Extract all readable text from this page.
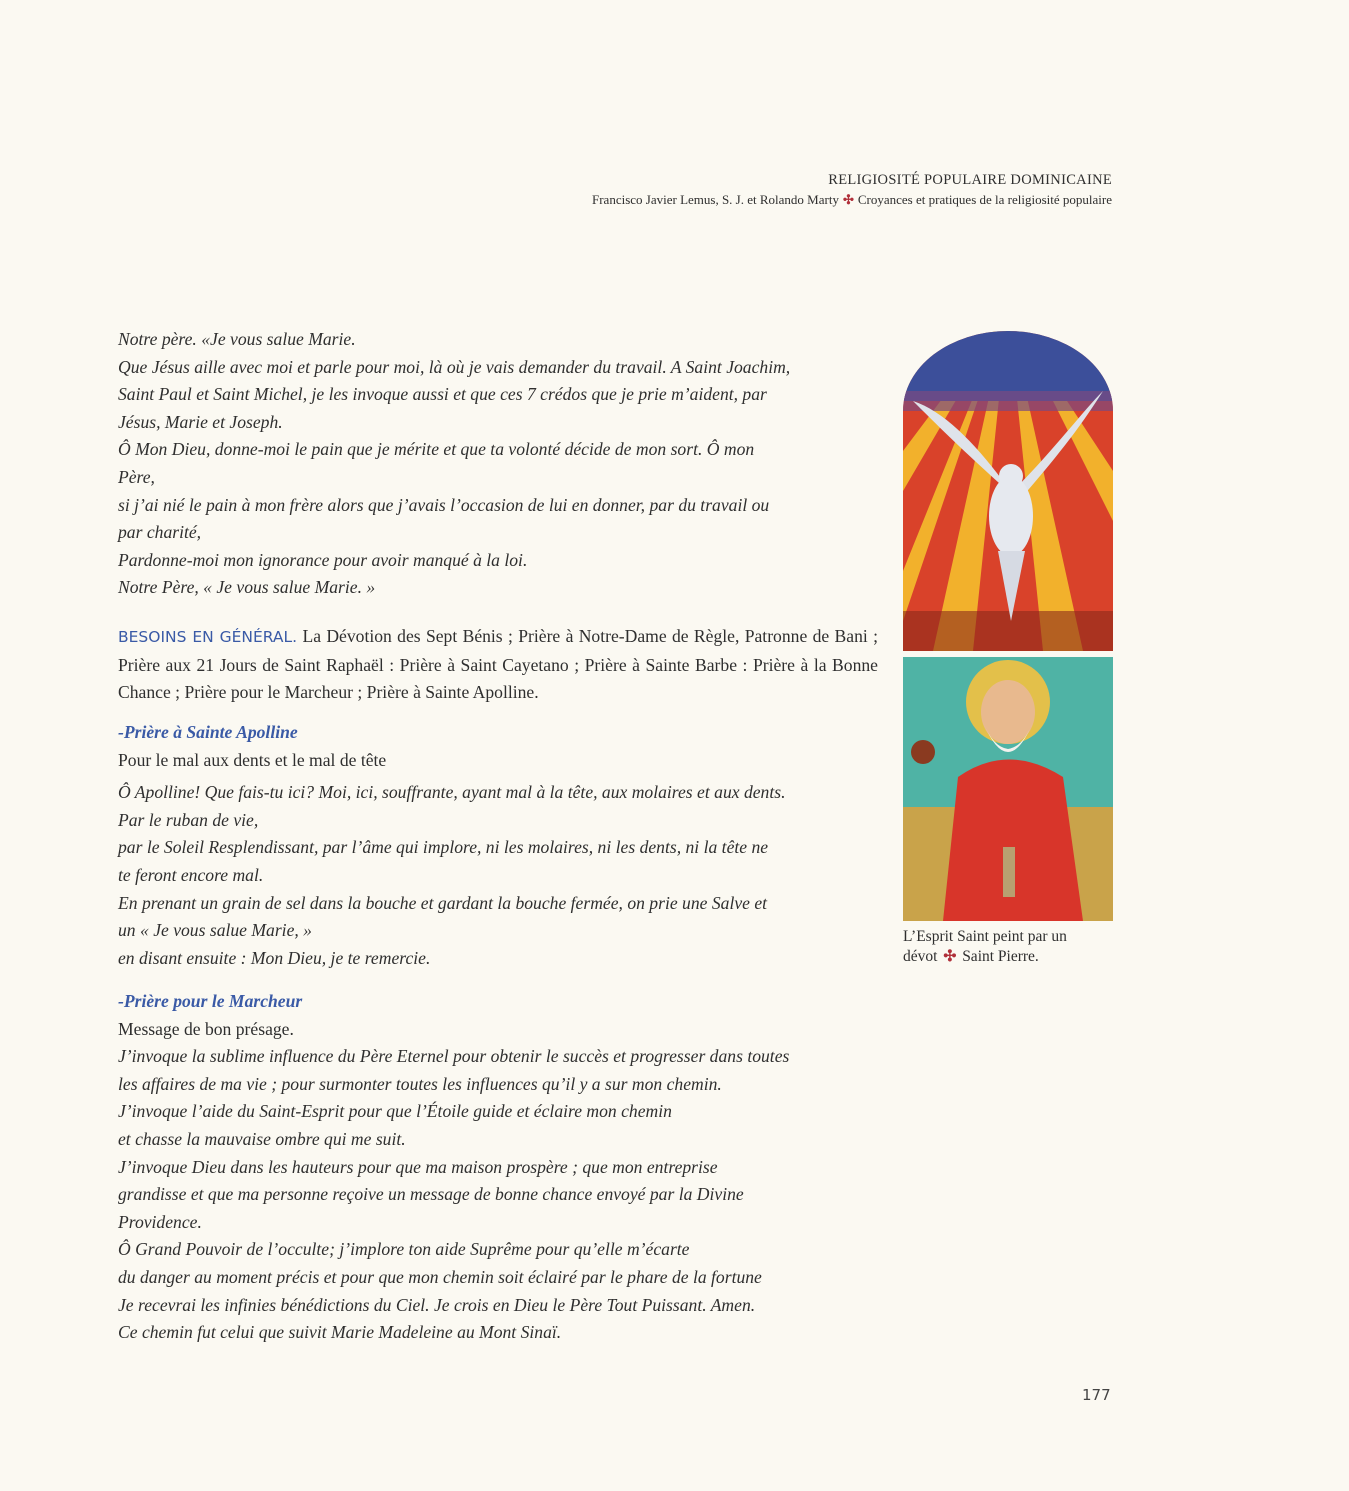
RELIGIOSITÉ POPULAIRE DOMINICAINE
Francisco Javier Lemus, S. J. et Rolando Marty ✣ Croyances et pratiques de la religiosité populaire
Notre père. «Je vous salue Marie.
Que Jésus aille avec moi et parle pour moi, là où je vais demander du travail. A Saint Joachim,
Saint Paul et Saint Michel, je les invoque aussi et que ces 7 crédos que je prie m’aident, par
Jésus, Marie et Joseph.
Ô Mon Dieu, donne-moi le pain que je mérite et que ta volonté décide de mon sort. Ô mon
Père,
si j’ai nié le pain à mon frère alors que j’avais l’occasion de lui en donner, par du travail ou
par charité,
Pardonne-moi mon ignorance pour avoir manqué à la loi.
Notre Père, « Je vous salue Marie. »
BESOINS EN GÉNÉRAL. La Dévotion des Sept Bénis ; Prière à Notre-Dame de Règle, Patronne de Bani ; Prière aux 21 Jours de Saint Raphaël : Prière à Saint Cayetano ; Prière à Sainte Barbe : Prière à la Bonne Chance ; Prière pour le Marcheur ; Prière à Sainte Apolline.
-Prière à Sainte Apolline
Pour le mal aux dents et le mal de tête
Ô Apolline! Que fais-tu ici? Moi, ici, souffrante, ayant mal à la tête, aux molaires et aux dents.
Par le ruban de vie,
par le Soleil Resplendissant, par l’âme qui implore, ni les molaires, ni les dents, ni la tête ne
te feront encore mal.
En prenant un grain de sel dans la bouche et gardant la bouche fermée, on prie une Salve et
un « Je vous salue Marie, »
en disant ensuite : Mon Dieu, je te remercie.
-Prière pour le Marcheur
Message de bon présage.
J’invoque la sublime influence du Père Eternel pour obtenir le succès et progresser dans toutes
les affaires de ma vie ; pour surmonter toutes les influences qu’il y a sur mon chemin.
J’invoque l’aide du Saint-Esprit pour que l’Étoile guide et éclaire mon chemin
et chasse la mauvaise ombre qui me suit.
J’invoque Dieu dans les hauteurs pour que ma maison prospère ; que mon entreprise
grandisse et que ma personne reçoive un message de bonne chance envoyé par la Divine
Providence.
Ô Grand Pouvoir de l’occulte; j’implore ton aide Suprême pour qu’elle m’écarte
du danger au moment précis et pour que mon chemin soit éclairé par le phare de la fortune
Je recevrai les infinies bénédictions du Ciel. Je crois en Dieu le Père Tout Puissant. Amen.
Ce chemin fut celui que suivit Marie Madeleine au Mont Sinaï.
L’Esprit Saint peint par un
dévot ✣ Saint Pierre.
177
